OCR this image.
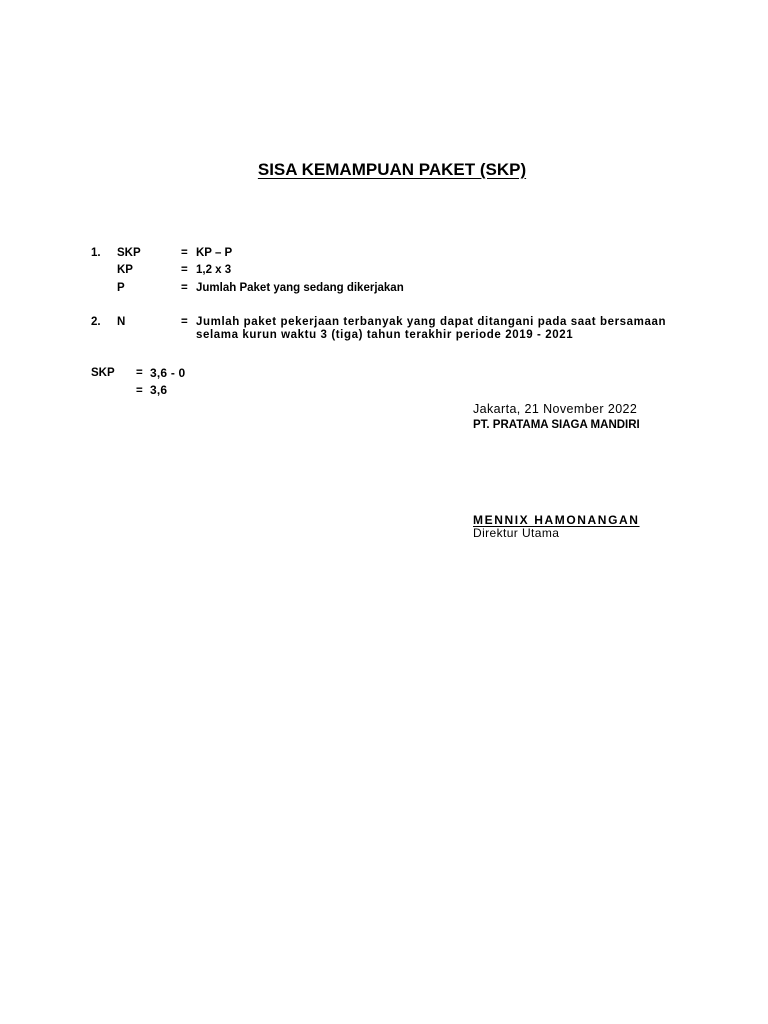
SISA KEMAMPUAN PAKET (SKP)
1. SKP	= KP – P
KP	= 1,2 x 3
P	= Jumlah Paket yang sedang dikerjakan
2. N	= Jumlah paket pekerjaan terbanyak yang dapat ditangani pada saat bersamaan
selama kurun waktu 3 (tiga) tahun terakhir periode 2019 - 2021
SKP = 3,6 - 0
= 3,6
Jakarta, 21 November 2022
PT. PRATAMA SIAGA MANDIRI
MENNIX HAMONANGAN
Direktur Utama
